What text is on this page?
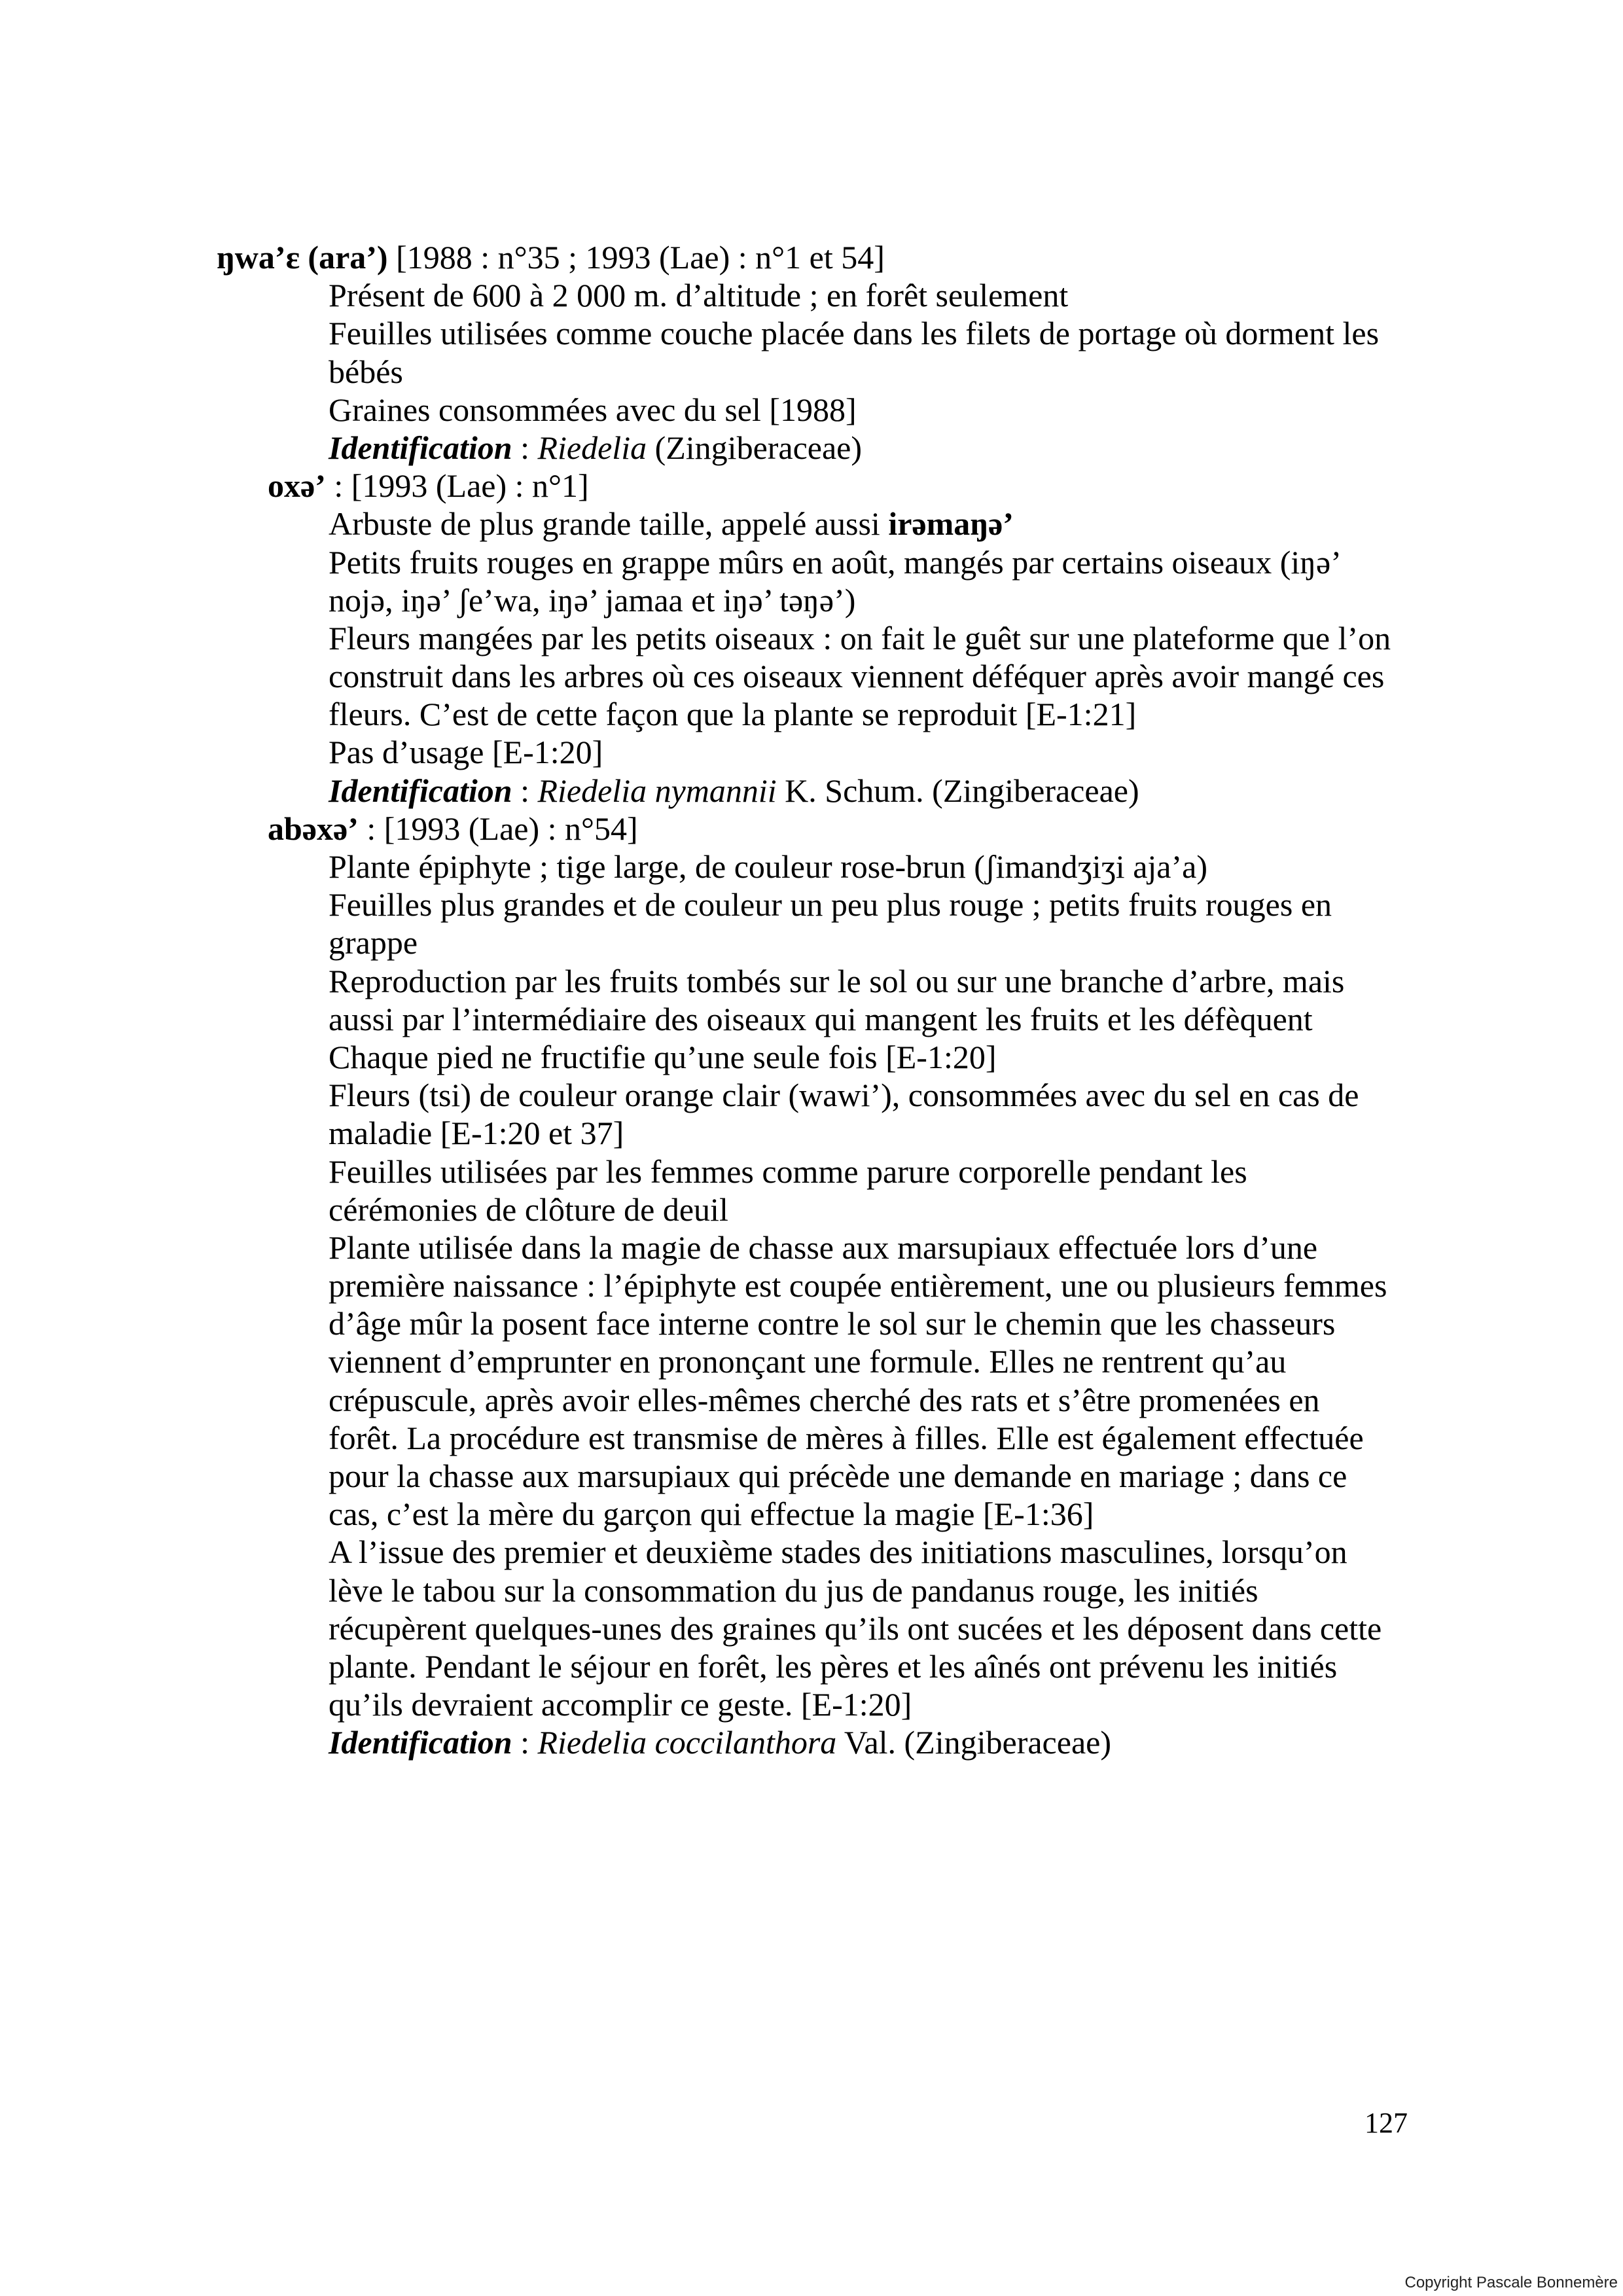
ŋwa’ɛ (ara’) [1988 : n°35 ; 1993 (Lae) : n°1 et 54]
Présent de 600 à 2 000 m. d’altitude ; en forêt seulement
Feuilles utilisées comme couche placée dans les filets de portage où dorment les
bébés
Graines consommées avec du sel [1988]
Identification : Riedelia (Zingiberaceae)
oxə’ : [1993 (Lae) : n°1]
Arbuste de plus grande taille, appelé aussi irəmaŋə’
Petits fruits rouges en grappe mûrs en août, mangés par certains oiseaux (iŋə’
nojə, iŋə’ ʃe’wa, iŋə’ jamaa et iŋə’ təŋə’)
Fleurs mangées par les petits oiseaux : on fait le guêt sur une plateforme que l’on
construit dans les arbres où ces oiseaux viennent déféquer après avoir mangé ces
fleurs. C’est de cette façon que la plante se reproduit [E-1:21]
Pas d’usage [E-1:20]
Identification : Riedelia nymannii K. Schum. (Zingiberaceae)
abəxə’ : [1993 (Lae) : n°54]
Plante épiphyte ; tige large, de couleur rose-brun (ʃimandʒiʒi aja’a)
Feuilles plus grandes et de couleur un peu plus rouge ; petits fruits rouges en
grappe
Reproduction par les fruits tombés sur le sol ou sur une branche d’arbre, mais
aussi par l’intermédiaire des oiseaux qui mangent les fruits et les défèquent
Chaque pied ne fructifie qu’une seule fois [E-1:20]
Fleurs (tsi) de couleur orange clair (wawi’), consommées avec du sel en cas de
maladie [E-1:20 et 37]
Feuilles utilisées par les femmes comme parure corporelle pendant les
cérémonies de clôture de deuil
Plante utilisée dans la magie de chasse aux marsupiaux effectuée lors d’une
première naissance : l’épiphyte est coupée entièrement, une ou plusieurs femmes
d’âge mûr la posent face interne contre le sol sur le chemin que les chasseurs
viennent d’emprunter en prononçant une formule. Elles ne rentrent qu’au
crépuscule, après avoir elles-mêmes cherché des rats et s’être promenées en
forêt. La procédure est transmise de mères à filles. Elle est également effectuée
pour la chasse aux marsupiaux qui précède une demande en mariage ; dans ce
cas, c’est la mère du garçon qui effectue la magie [E-1:36]
A l’issue des premier et deuxième stades des initiations masculines, lorsqu’on
lève le tabou sur la consommation du jus de pandanus rouge, les initiés
récupèrent quelques-unes des graines qu’ils ont sucées et les déposent dans cette
plante. Pendant le séjour en forêt, les pères et les aînés ont prévenu les initiés
qu’ils devraient accomplir ce geste. [E-1:20]
Identification : Riedelia coccilanthora Val. (Zingiberaceae)
127
Copyright Pascale Bonnemère
